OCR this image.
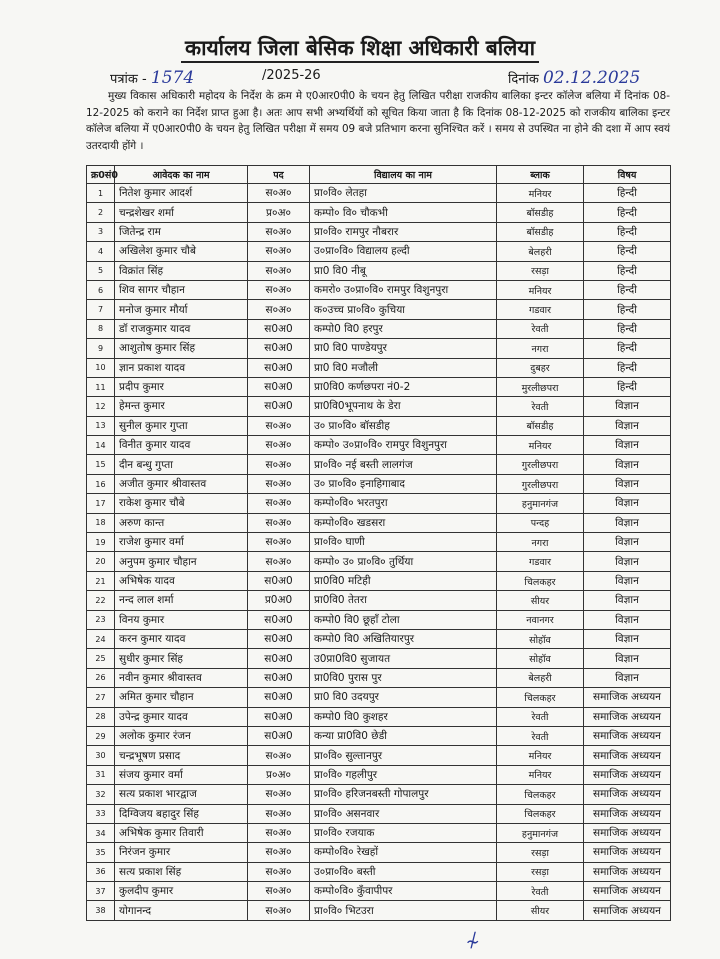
कार्यालय जिला बेसिक शिक्षा अधिकारी बलिया
पत्रांक - 1574	/2025-26	दिनांक 02.12.2025
मुख्य विकास अधिकारी महोदय के निर्देश के क्रम मे ए0आर0पी0 के चयन हेतु लिखित परीक्षा राजकीय बालिका इन्टर कॉलेज बलिया में दिनांक 08-12-2025 को कराने का निर्देश प्राप्त हुआ है। अतः आप सभी अभ्यर्थियों को सूचित किया जाता है कि दिनांक 08-12-2025 को राजकीय बालिका इन्टर कॉलेज बलिया में ए0आर0पी0 के चयन हेतु लिखित परीक्षा में समय 09 बजे प्रतिभाग करना सुनिश्चित करें । समय से उपस्थित ना होने की दशा में आप स्वयं उतरदायी होंगे ।
क्र0सं0	आवेदक का नाम	पद	विद्यालय का नाम	ब्लाक	विषय
1	नितेश कुमार आदर्श	स०अ०	प्रा०वि० लेतहा	मनियर	हिन्दी
2	चन्द्रशेखर शर्मा	प्र०अ०	कम्पो० वि० चौकभी	बॉसडीह	हिन्दी
3	जितेन्द्र राम	स०अ०	प्रा०वि० रामपुर नौबरार	बॉसडीह	हिन्दी
4	अखिलेश कुमार चौबे	स०अ०	उ०प्रा०वि० विद्यालय हल्दी	बेलहरी	हिन्दी
5	विक्रांत सिंह	स०अ०	प्रा0 वि0 नीबू	रसड़ा	हिन्दी
6	शिव सागर चौहान	स०अ०	कमरो० उ०प्रा०वि० रामपुर विशुनपुरा	मनियर	हिन्दी
7	मनोज कुमार मौर्या	स०अ०	क०उच्च प्रा०वि० कुचिया	गडवार	हिन्दी
8	डॉ राजकुमार यादव	स0अ0	कम्पो0 वि0 हरपुर	रेवती	हिन्दी
9	आशुतोष कुमार सिंह	स0अ0	प्रा0 वि0 पाण्डेयपुर	नगरा	हिन्दी
10	ज्ञान प्रकाश यादव	स0अ0	प्रा0 वि0 मजौली	दुबहर	हिन्दी
11	प्रदीप कुमार	स0अ0	प्रा0वि0 कर्णछपरा नं0-2	मुरलीछपरा	हिन्दी
12	हेमन्त कुमार	स0अ0	प्रा0वि0भूपनाथ के डेरा	रेवती	विज्ञान
13	सुनील कुमार गुप्ता	स०अ०	उ० प्रा०वि० बॉसडीह	बॉसडीह	विज्ञान
14	विनीत कुमार यादव	स०अ०	कम्पो० उ०प्रा०वि० रामपुर विशुनपुरा	मनियर	विज्ञान
15	दीन बन्धु गुप्ता	स०अ०	प्रा०वि० नई बस्ती लालगंज	गुरलीछपरा	विज्ञान
16	अजीत कुमार श्रीवास्तव	स०अ०	उ० प्रा०वि० इनाहिगाबाद	गुरलीछपरा	विज्ञान
17	राकेश कुमार चौबे	स०अ०	कम्पो०वि० भरतपुरा	हनुमानगंज	विज्ञान
18	अरुण कान्त	स०अ०	कम्पो०वि० खडसरा	पन्दह	विज्ञान
19	राजेश कुमार वर्मा	स०अ०	प्रा०वि० घाणी	नगरा	विज्ञान
20	अनुपम कुमार चौहान	स०अ०	कम्पो० उ० प्रा०वि० तुर्थिया	गडवार	विज्ञान
21	अभिषेक यादव	स0अ0	प्रा0वि0 मटिही	चिलकहर	विज्ञान
22	नन्द लाल शर्मा	प्र0अ0	प्रा0वि0 तेतरा	सीयर	विज्ञान
23	विनय कुमार	स0अ0	कम्पो0 वि0 छूहाँ टोला	नवानगर	विज्ञान
24	करन कुमार यादव	स0अ0	कम्पो0 वि0 अखितियारपुर	सोहॉव	विज्ञान
25	सुधीर कुमार सिंह	स0अ0	उ0प्रा0वि0 सुजायत	सोहॉव	विज्ञान
26	नवीन कुमार श्रीवास्तव	स0अ0	प्रा0वि0 पुरास पुर	बेलहरी	विज्ञान
27	अमित कुमार चौहान	स0अ0	प्रा0 वि0 उदयपुर	चिलकहर	समाजिक अध्ययन
28	उपेन्द्र कुमार यादव	स0अ0	कम्पो0 वि0 कुशहर	रेवती	समाजिक अध्ययन
29	अलोक कुमार रंजन	स0अ0	कन्या प्रा0वि0 छेडी	रेवती	समाजिक अध्ययन
30	चन्द्रभूषण प्रसाद	स०अ०	प्रा०वि० सुल्तानपुर	मनियर	समाजिक अध्ययन
31	संजय कुमार वर्मा	प्र०अ०	प्रा०वि० गहलीपुर	मनियर	समाजिक अध्ययन
32	सत्य प्रकाश भारद्वाज	स०अ०	प्रा०वि० हरिजनबस्ती गोपालपुर	चिलकहर	समाजिक अध्ययन
33	दिग्विजय बहादुर सिंह	स०अ०	प्रा०वि० असनवार	चिलकहर	समाजिक अध्ययन
34	अभिषेक कुमार तिवारी	स०अ०	प्रा०वि० रजयाक	हनुमानगंज	समाजिक अध्ययन
35	निरंजन कुमार	स०अ०	कम्पो०वि० रेखहों	रसड़ा	समाजिक अध्ययन
36	सत्य प्रकाश सिंह	स०अ०	उ०प्रा०वि० बस्ती	रसड़ा	समाजिक अध्ययन
37	कुलदीप कुमार	स०अ०	कम्पो०वि० कुँवापीपर	रेवती	समाजिक अध्ययन
38	योगानन्द	स०अ०	प्रा०वि० भिटउरा	सीयर	समाजिक अध्ययन
⍭
